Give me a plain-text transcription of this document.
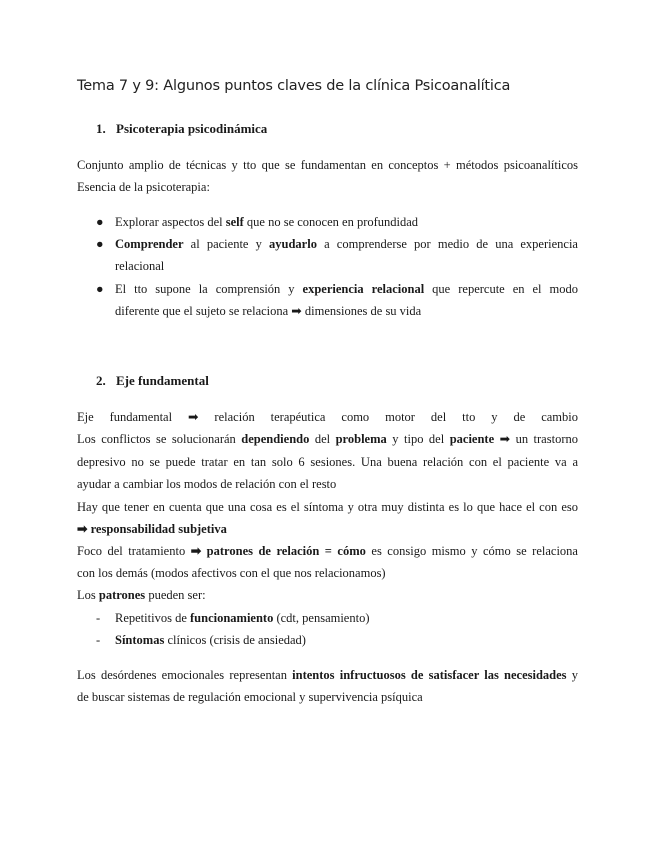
Tema 7 y 9: Algunos puntos claves de la clínica Psicoanalítica
1. Psicoterapia psicodinámica
Conjunto amplio de técnicas y tto que se fundamentan en conceptos + métodos psicoanalíticos
Esencia de la psicoterapia:
● Explorar aspectos del self que no se conocen en profundidad
● Comprender al paciente y ayudarlo a comprenderse por medio de una experiencia
relacional
● El tto supone la comprensión y experiencia relacional que repercute en el modo
diferente que el sujeto se relaciona ➡ dimensiones de su vida
2. Eje fundamental
Eje fundamental ➡ relación terapéutica como motor del tto y de cambio
Los conflictos se solucionarán dependiendo del problema y tipo del paciente ➡ un trastorno
depresivo no se puede tratar en tan solo 6 sesiones. Una buena relación con el paciente va a
ayudar a cambiar los modos de relación con el resto
Hay que tener en cuenta que una cosa es el síntoma y otra muy distinta es lo que hace el con eso
➡ responsabilidad subjetiva
Foco del tratamiento ➡ patrones de relación = cómo es consigo mismo y cómo se relaciona
con los demás (modos afectivos con el que nos relacionamos)
Los patrones pueden ser:
- Repetitivos de funcionamiento (cdt, pensamiento)
- Síntomas clínicos (crisis de ansiedad)
Los desórdenes emocionales representan intentos infructuosos de satisfacer las necesidades y
de buscar sistemas de regulación emocional y supervivencia psíquica
